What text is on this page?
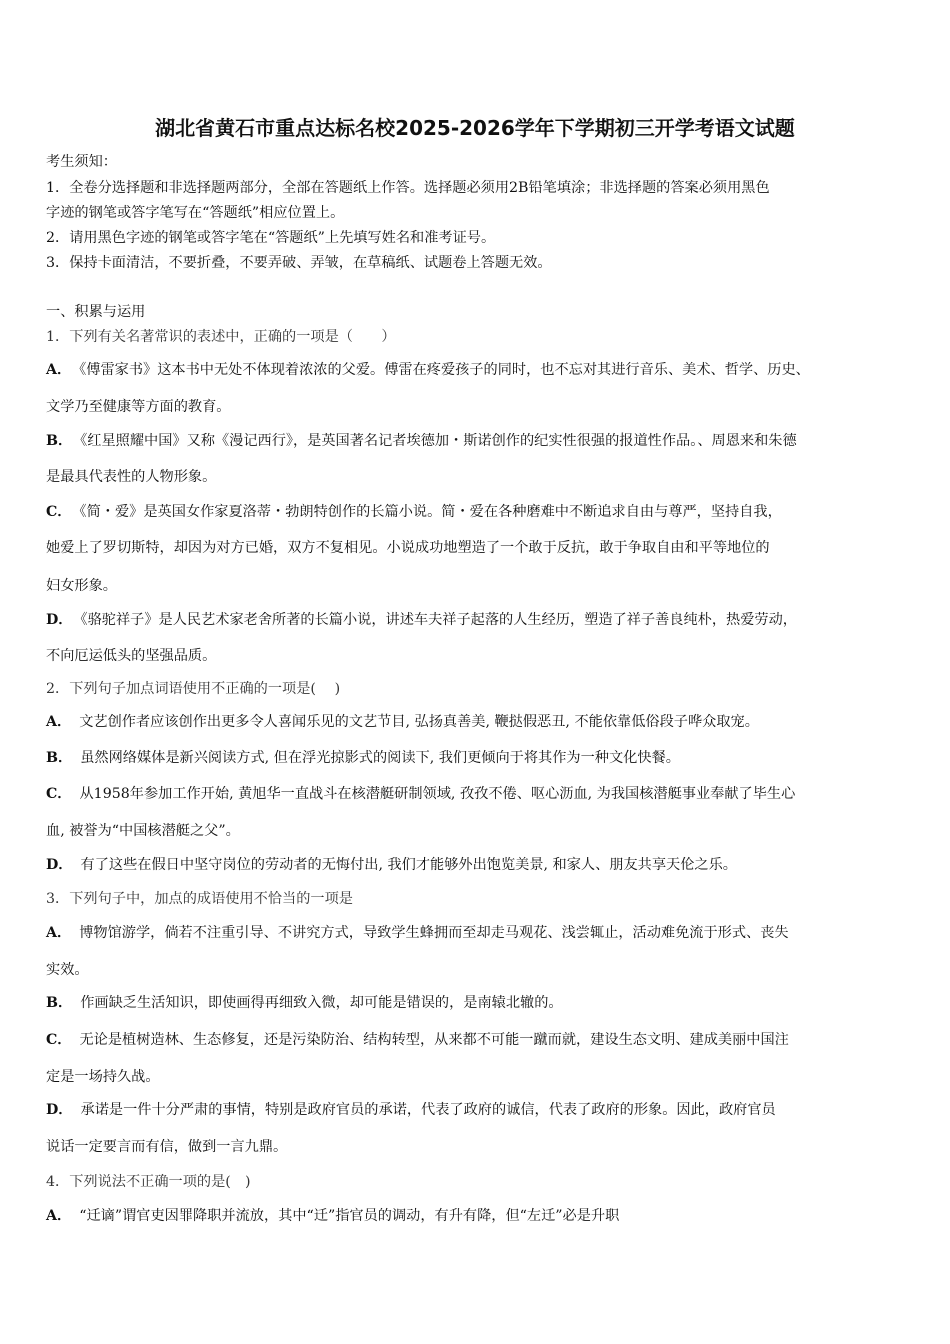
湖北省黄石市重点达标名校2025-2026学年下学期初三开学考语文试题
考生须知：
1．全卷分选择题和非选择题两部分，全部在答题纸上作答。选择题必须用2B铅笔填涂；非选择题的答案必须用黑色
字迹的钢笔或答字笔写在“答题纸”相应位置上。
2．请用黑色字迹的钢笔或答字笔在“答题纸”上先填写姓名和准考证号。
3．保持卡面清洁，不要折叠，不要弄破、弄皱，在草稿纸、试题卷上答题无效。
一、积累与运用
1．下列有关名著常识的表述中，正确的一项是（　　）
A． 《傅雷家书》这本书中无处不体现着浓浓的父爱。傅雷在疼爱孩子的同时，也不忘对其进行音乐、美术、哲学、历史、
文学乃至健康等方面的教育。
B． 《红星照耀中国》又称《漫记西行》，是英国著名记者埃德加・斯诺创作的纪实性很强的报道性作品。、周恩来和朱德
是最具代表性的人物形象。
C． 《简・爱》是英国女作家夏洛蒂・勃朗特创作的长篇小说。简・爱在各种磨难中不断追求自由与尊严，坚持自我，
她爱上了罗切斯特，却因为对方已婚，双方不复相见。小说成功地塑造了一个敢于反抗，敢于争取自由和平等地位的
妇女形象。
D． 《骆驼祥子》是人民艺术家老舍所著的长篇小说，讲述车夫祥子起落的人生经历，塑造了祥子善良纯朴，热爱劳动，
不向厄运低头的坚强品质。
2．下列句子加点词语使用不正确的一项是(　 )
A． 文艺创作者应该创作出更多令人喜闻乐见的文艺节目, 弘扬真善美, 鞭挞假恶丑, 不能依靠低俗段子哗众取宠。
B． 虽然网络媒体是新兴阅读方式, 但在浮光掠影式的阅读下, 我们更倾向于将其作为一种文化快餐。
C． 从1958年参加工作开始, 黄旭华一直战斗在核潜艇研制领域, 孜孜不倦、呕心沥血, 为我国核潜艇事业奉献了毕生心
血, 被誉为“中国核潜艇之父”。
D． 有了这些在假日中坚守岗位的劳动者的无悔付出, 我们才能够外出饱览美景, 和家人、朋友共享天伦之乐。
3．下列句子中，加点的成语使用不恰当的一项是
A． 博物馆游学，倘若不注重引导、不讲究方式，导致学生蜂拥而至却走马观花、浅尝辄止，活动难免流于形式、丧失
实效。
B． 作画缺乏生活知识，即使画得再细致入微，却可能是错误的，是南辕北辙的。
C． 无论是植树造林、生态修复，还是污染防治、结构转型，从来都不可能一蹴而就，建设生态文明、建成美丽中国注
定是一场持久战。
D． 承诺是一件十分严肃的事情，特别是政府官员的承诺，代表了政府的诚信，代表了政府的形象。因此，政府官员
说话一定要言而有信，做到一言九鼎。
4．下列说法不正确一项的是(　)
A． “迁谪”谓官吏因罪降职并流放，其中“迁”指官员的调动，有升有降，但“左迁”必是升职
